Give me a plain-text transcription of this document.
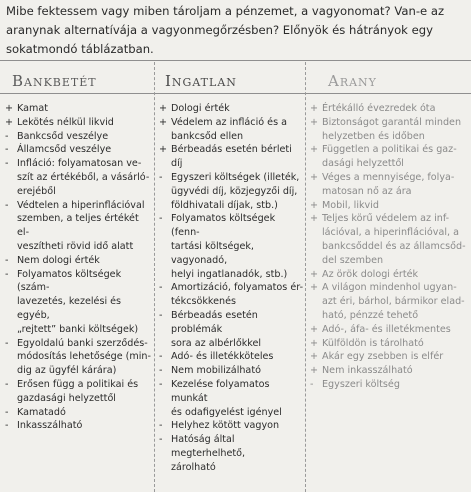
Mibe fektessem vagy miben tároljam a pénzemet, a vagyonomat? Van-e az aranynak alternatívája a vagyonmegőrzésben? Előnyök és hátrányok egy sokatmondó táblázatban.
Bankbetét
+ Kamat
+ Lekötés nélkül likvid
- Bankcsőd veszélye
- Államcsőd veszélye
- Infláció: folyamatosan ve-
szít az értékéből, a vásárló-
erejéből
- Védtelen a hiperinflációval
szemben, a teljes értékét el-
veszítheti rövid idő alatt
- Nem dologi érték
- Folyamatos költségek (szám-
lavezetés, kezelési és egyéb,
„rejtett” banki költségek)
- Egyoldalú banki szerződés-
módosítás lehetősége (min-
dig az ügyfél kárára)
- Erősen függ a politikai és
gazdasági helyzettől
- Kamatadó
- Inkasszálható
Ingatlan
+ Dologi érték
+ Védelem az infláció és a
bankcsőd ellen
+ Bérbeadás esetén bérleti díj
- Egyszeri költségek (illeték,
ügyvédi díj, közjegyzői díj,
földhivatali díjak, stb.)
- Folyamatos költségek (fenn-
tartási költségek, vagyonadó,
helyi ingatlanadók, stb.)
- Amortizáció, folyamatos ér-
tékcsökkenés
- Bérbeadás esetén problémák
sora az albérlőkkel
- Adó- és illetékköteles
- Nem mobilizálható
- Kezelése folyamatos munkát
és odafigyelést igényel
- Helyhez kötött vagyon
- Hatóság által megterhelhető,
zárolható
Arany
+ Értékálló évezredek óta
+ Biztonságot garantál minden
helyzetben és időben
+ Független a politikai és gaz-
dasági helyzettől
+ Véges a mennyisége, folya-
matosan nő az ára
+ Mobil, likvid
+ Teljes körű védelem az inf-
lációval, a hiperinflációval, a
bankcsőddel és az államcsőd-
del szemben
+ Az örök dologi érték
+ A világon mindenhol ugyan-
azt éri, bárhol, bármikor elad-
ható, pénzzé tehető
+ Adó-, áfa- és illetékmentes
+ Külföldön is tárolható
+ Akár egy zsebben is elfér
+ Nem inkasszálható
- Egyszeri költség
